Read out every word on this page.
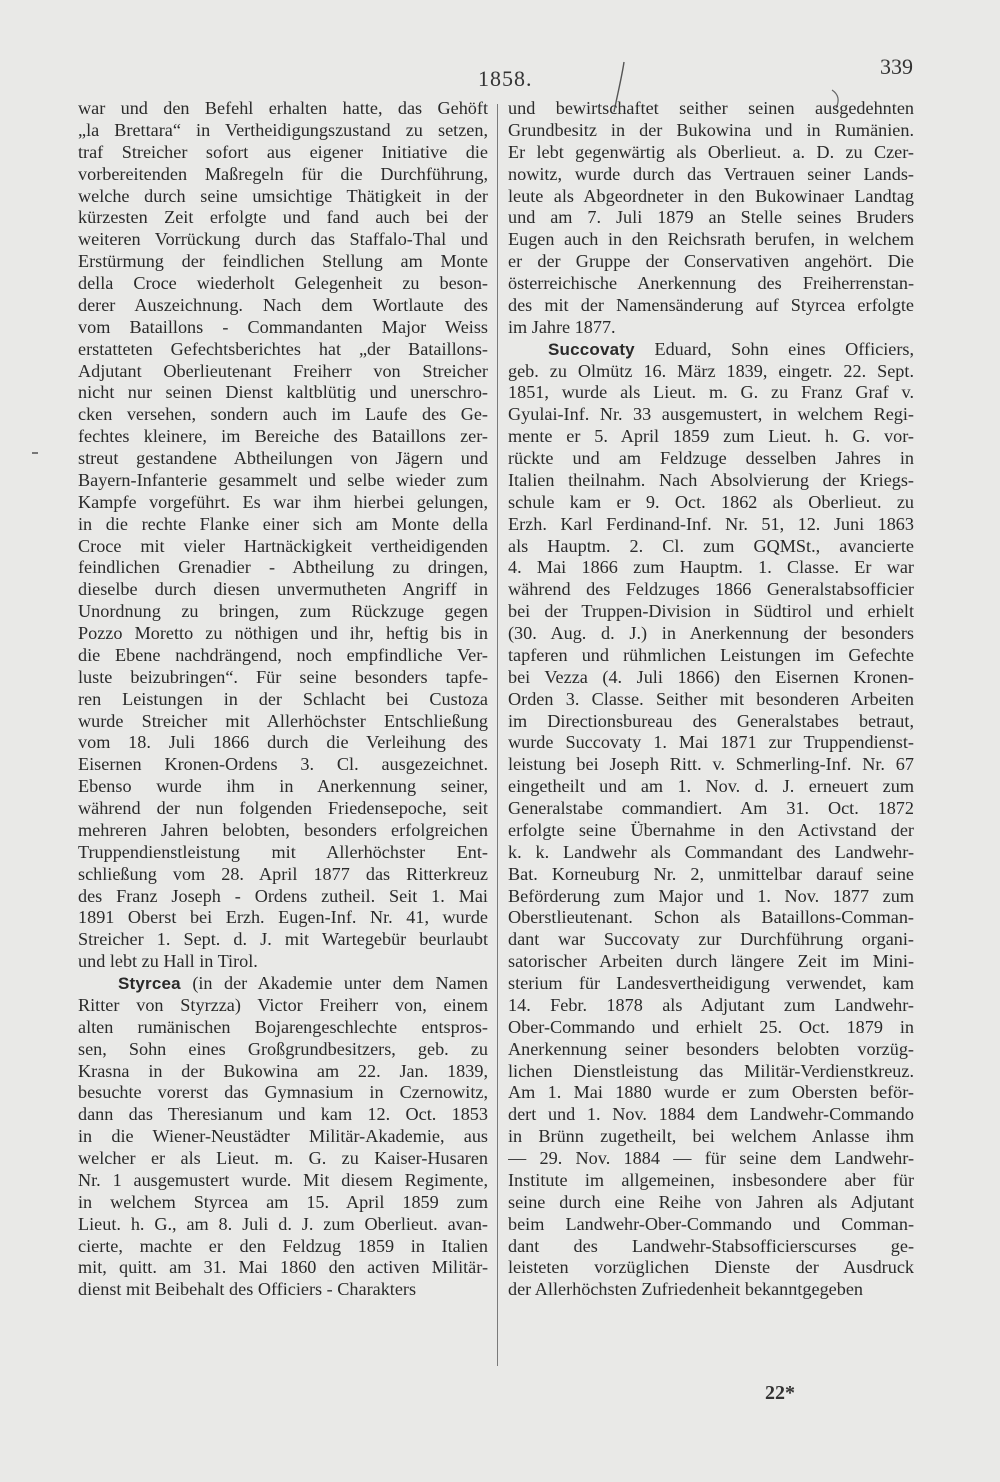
1858.	339
war und den Befehl erhalten hatte, das Gehöft
„la Brettara“ in Vertheidigungszustand zu setzen,
traf Streicher sofort aus eigener Initiative die
vorbereitenden Maßregeln für die Durchführung,
welche durch seine umsichtige Thätigkeit in der
kürzesten Zeit erfolgte und fand auch bei der
weiteren Vorrückung durch das Staffalo-Thal und
Erstürmung der feindlichen Stellung am Monte
della Croce wiederholt Gelegenheit zu beson-
derer Auszeichnung. Nach dem Wortlaute des
vom Bataillons - Commandanten Major Weiss
erstatteten Gefechtsberichtes hat „der Bataillons-
Adjutant Oberlieutenant Freiherr von Streicher
nicht nur seinen Dienst kaltblütig und unerschro-
cken versehen, sondern auch im Laufe des Ge-
fechtes kleinere, im Bereiche des Bataillons zer-
streut gestandene Abtheilungen von Jägern und
Bayern-Infanterie gesammelt und selbe wieder zum
Kampfe vorgeführt. Es war ihm hierbei gelungen,
in die rechte Flanke einer sich am Monte della
Croce mit vieler Hartnäckigkeit vertheidigenden
feindlichen Grenadier - Abtheilung zu dringen,
dieselbe durch diesen unvermutheten Angriff in
Unordnung zu bringen, zum Rückzuge gegen
Pozzo Moretto zu nöthigen und ihr, heftig bis in
die Ebene nachdrängend, noch empfindliche Ver-
luste beizubringen“. Für seine besonders tapfe-
ren Leistungen in der Schlacht bei Custoza
wurde Streicher mit Allerhöchster Entschließung
vom 18. Juli 1866 durch die Verleihung des
Eisernen Kronen-Ordens 3. Cl. ausgezeichnet.
Ebenso wurde ihm in Anerkennung seiner,
während der nun folgenden Friedensepoche, seit
mehreren Jahren belobten, besonders erfolgreichen
Truppendienstleistung mit Allerhöchster Ent-
schließung vom 28. April 1877 das Ritterkreuz
des Franz Joseph - Ordens zutheil. Seit 1. Mai
1891 Oberst bei Erzh. Eugen-Inf. Nr. 41, wurde
Streicher 1. Sept. d. J. mit Wartegebür beurlaubt
und lebt zu Hall in Tirol.
Styrcea (in der Akademie unter dem Namen
Ritter von Styrzza) Victor Freiherr von, einem
alten rumänischen Bojarengeschlechte entspros-
sen, Sohn eines Großgrundbesitzers, geb. zu
Krasna in der Bukowina am 22. Jan. 1839,
besuchte vorerst das Gymnasium in Czernowitz,
dann das Theresianum und kam 12. Oct. 1853
in die Wiener-Neustädter Militär-Akademie, aus
welcher er als Lieut. m. G. zu Kaiser-Husaren
Nr. 1 ausgemustert wurde. Mit diesem Regimente,
in welchem Styrcea am 15. April 1859 zum
Lieut. h. G., am 8. Juli d. J. zum Oberlieut. avan-
cierte, machte er den Feldzug 1859 in Italien
mit, quitt. am 31. Mai 1860 den activen Militär-
dienst mit Beibehalt des Officiers - Charakters
und bewirtschaftet seither seinen ausgedehnten
Grundbesitz in der Bukowina und in Rumänien.
Er lebt gegenwärtig als Oberlieut. a. D. zu Czer-
nowitz, wurde durch das Vertrauen seiner Lands-
leute als Abgeordneter in den Bukowinaer Landtag
und am 7. Juli 1879 an Stelle seines Bruders
Eugen auch in den Reichsrath berufen, in welchem
er der Gruppe der Conservativen angehört. Die
österreichische Anerkennung des Freiherrenstan-
des mit der Namensänderung auf Styrcea erfolgte
im Jahre 1877.
Succovaty Eduard, Sohn eines Officiers,
geb. zu Olmütz 16. März 1839, eingetr. 22. Sept.
1851, wurde als Lieut. m. G. zu Franz Graf v.
Gyulai-Inf. Nr. 33 ausgemustert, in welchem Regi-
mente er 5. April 1859 zum Lieut. h. G. vor-
rückte und am Feldzuge desselben Jahres in
Italien theilnahm. Nach Absolvierung der Kriegs-
schule kam er 9. Oct. 1862 als Oberlieut. zu
Erzh. Karl Ferdinand-Inf. Nr. 51, 12. Juni 1863
als Hauptm. 2. Cl. zum GQMSt., avancierte
4. Mai 1866 zum Hauptm. 1. Classe. Er war
während des Feldzuges 1866 Generalstabsofficier
bei der Truppen-Division in Südtirol und erhielt
(30. Aug. d. J.) in Anerkennung der besonders
tapferen und rühmlichen Leistungen im Gefechte
bei Vezza (4. Juli 1866) den Eisernen Kronen-
Orden 3. Classe. Seither mit besonderen Arbeiten
im Directionsbureau des Generalstabes betraut,
wurde Succovaty 1. Mai 1871 zur Truppendienst-
leistung bei Joseph Ritt. v. Schmerling-Inf. Nr. 67
eingetheilt und am 1. Nov. d. J. erneuert zum
Generalstabe commandiert. Am 31. Oct. 1872
erfolgte seine Übernahme in den Activstand der
k. k. Landwehr als Commandant des Landwehr-
Bat. Korneuburg Nr. 2, unmittelbar darauf seine
Beförderung zum Major und 1. Nov. 1877 zum
Oberstlieutenant. Schon als Bataillons-Comman-
dant war Succovaty zur Durchführung organi-
satorischer Arbeiten durch längere Zeit im Mini-
sterium für Landesvertheidigung verwendet, kam
14. Febr. 1878 als Adjutant zum Landwehr-
Ober-Commando und erhielt 25. Oct. 1879 in
Anerkennung seiner besonders belobten vorzüg-
lichen Dienstleistung das Militär-Verdienstkreuz.
Am 1. Mai 1880 wurde er zum Obersten beför-
dert und 1. Nov. 1884 dem Landwehr-Commando
in Brünn zugetheilt, bei welchem Anlasse ihm
— 29. Nov. 1884 — für seine dem Landwehr-
Institute im allgemeinen, insbesondere aber für
seine durch eine Reihe von Jahren als Adjutant
beim Landwehr-Ober-Commando und Comman-
dant des Landwehr-Stabsofficierscurses ge-
leisteten vorzüglichen Dienste der Ausdruck
der Allerhöchsten Zufriedenheit bekanntgegeben
22*
